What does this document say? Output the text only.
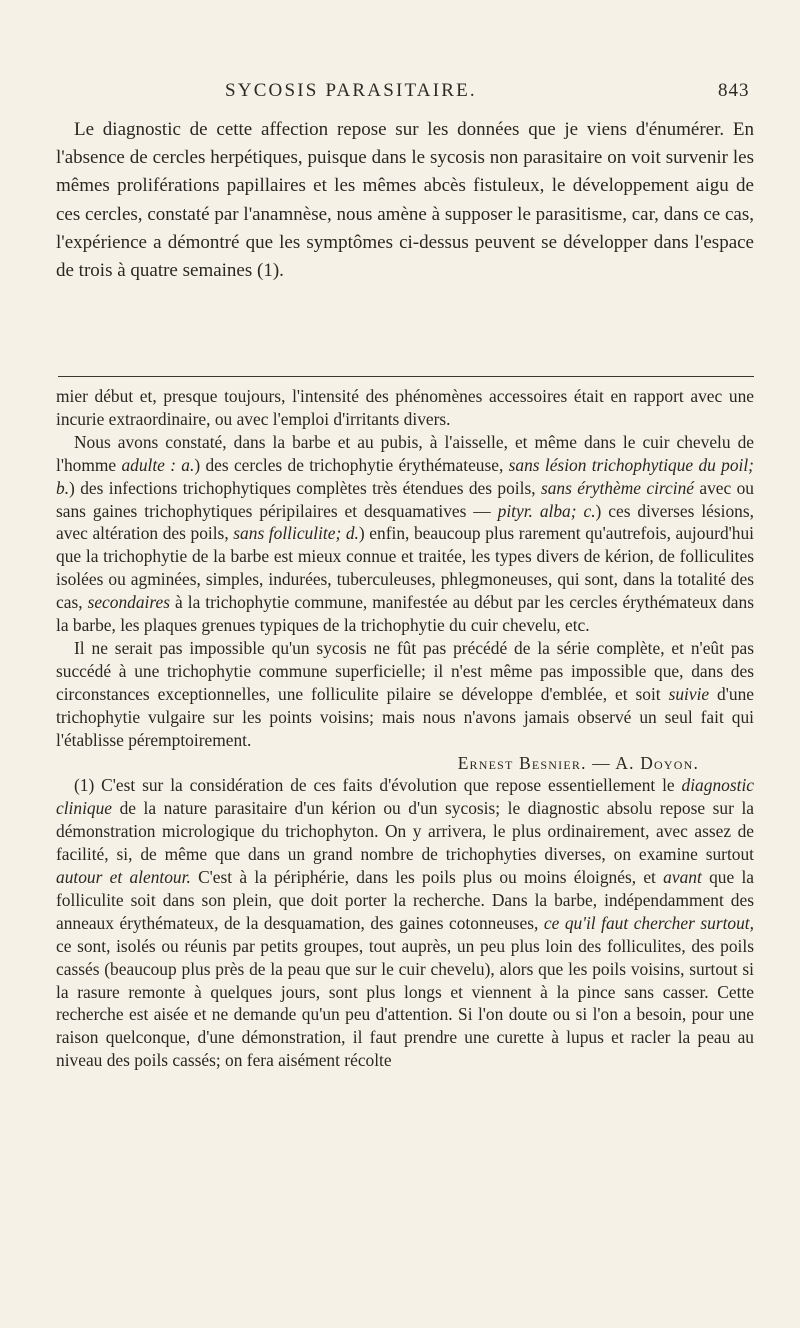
SYCOSIS PARASITAIRE.	843

Le diagnostic de cette affection repose sur les données que je viens d'énumérer. En l'absence de cercles herpétiques, puisque dans le sycosis non parasitaire on voit survenir les mêmes proliférations papillaires et les mêmes abcès fistuleux, le développement aigu de ces cercles, constaté par l'anamnèse, nous amène à supposer le parasitisme, car, dans ce cas, l'expérience a démontré que les symptômes ci-dessus peuvent se développer dans l'espace de trois à quatre semaines (1).

mier début et, presque toujours, l'intensité des phénomènes accessoires était en rapport avec une incurie extraordinaire, ou avec l'emploi d'irritants divers.

Nous avons constaté, dans la barbe et au pubis, à l'aisselle, et même dans le cuir chevelu de l'homme adulte : a.) des cercles de trichophytie érythémateuse, sans lésion trichophytique du poil; b.) des infections trichophytiques complètes très étendues des poils, sans érythème circiné avec ou sans gaines trichophytiques péripilaires et desquamatives — pityr. alba; c.) ces diverses lésions, avec altération des poils, sans folliculite; d.) enfin, beaucoup plus rarement qu'autrefois, aujourd'hui que la trichophytie de la barbe est mieux connue et traitée, les types divers de kérion, de folliculites isolées ou agminées, simples, indurées, tuberculeuses, phlegmoneuses, qui sont, dans la totalité des cas, secondaires à la trichophytie commune, manifestée au début par les cercles érythémateux dans la barbe, les plaques grenues typiques de la trichophytie du cuir chevelu, etc.

Il ne serait pas impossible qu'un sycosis ne fût pas précédé de la série complète, et n'eût pas succédé à une trichophytie commune superficielle; il n'est même pas impossible que, dans des circonstances exceptionnelles, une folliculite pilaire se développe d'emblée, et soit suivie d'une trichophytie vulgaire sur les points voisins; mais nous n'avons jamais observé un seul fait qui l'établisse péremptoirement.

Ernest Besnier. — A. Doyon.

(1) C'est sur la considération de ces faits d'évolution que repose essentiellement le diagnostic clinique de la nature parasitaire d'un kérion ou d'un sycosis; le diagnostic absolu repose sur la démonstration micrologique du trichophyton. On y arrivera, le plus ordinairement, avec assez de facilité, si, de même que dans un grand nombre de trichophyties diverses, on examine surtout autour et alentour. C'est à la périphérie, dans les poils plus ou moins éloignés, et avant que la folliculite soit dans son plein, que doit porter la recherche. Dans la barbe, indépendamment des anneaux érythémateux, de la desquamation, des gaines cotonneuses, ce qu'il faut chercher surtout, ce sont, isolés ou réunis par petits groupes, tout auprès, un peu plus loin des folliculites, des poils cassés (beaucoup plus près de la peau que sur le cuir chevelu), alors que les poils voisins, surtout si la rasure remonte à quelques jours, sont plus longs et viennent à la pince sans casser. Cette recherche est aisée et ne demande qu'un peu d'attention. Si l'on doute ou si l'on a besoin, pour une raison quelconque, d'une démonstration, il faut prendre une curette à lupus et racler la peau au niveau des poils cassés; on fera aisément récolte
